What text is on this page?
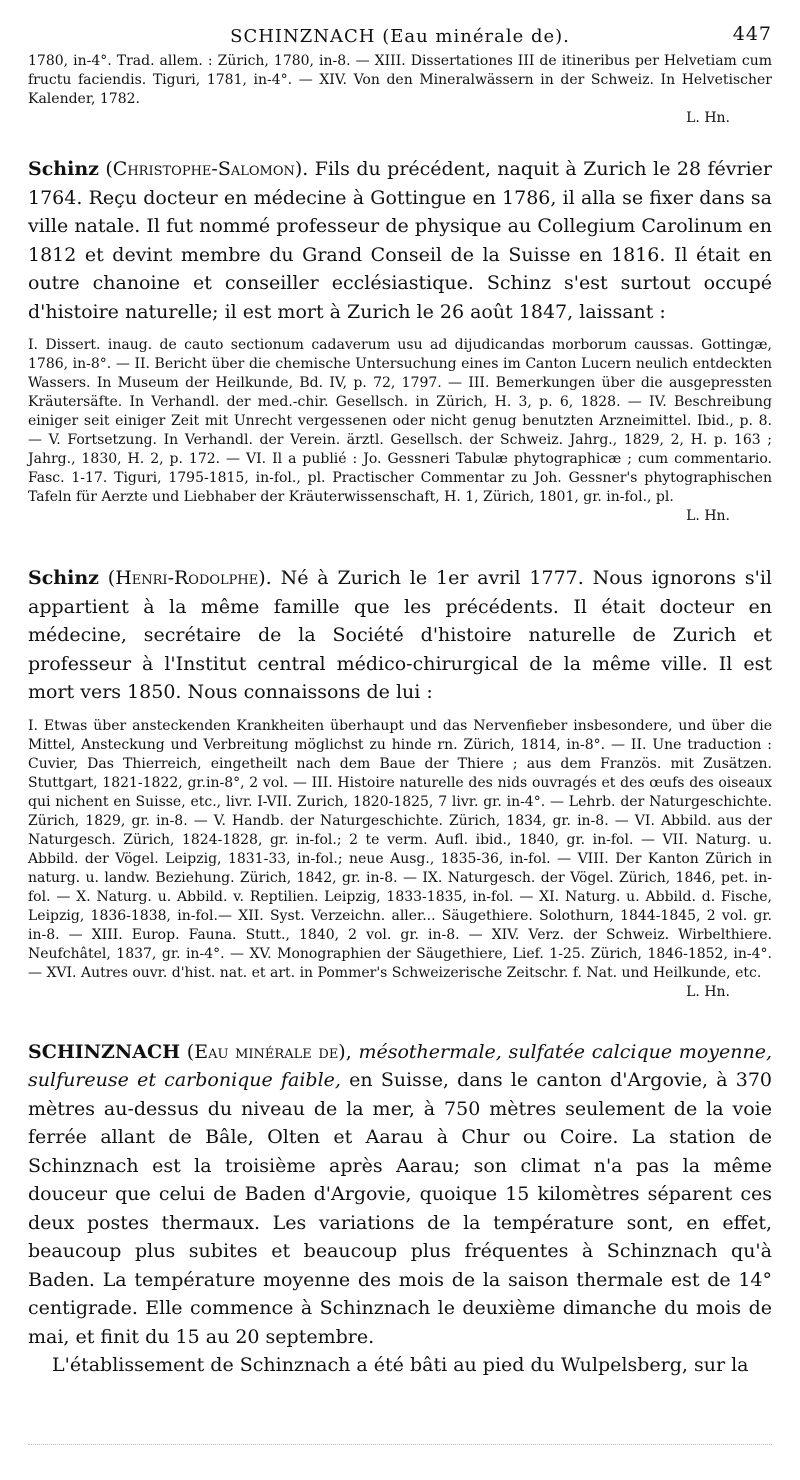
SCHINZNACH (Eau minérale de).	447
1780, in-4°. Trad. allem. : Zürich, 1780, in-8. — XIII. Dissertationes III de itineribus per Helvetiam cum fructu faciendis. Tiguri, 1781, in-4°. — XIV. Von den Mineralwässern in der Schweiz. In Helvetischer Kalender, 1782.
L. Hn.
Schinz (Christophe-Salomon). Fils du précédent, naquit à Zurich le 28 février 1764. Reçu docteur en médecine à Gottingue en 1786, il alla se fixer dans sa ville natale. Il fut nommé professeur de physique au Collegium Carolinum en 1812 et devint membre du Grand Conseil de la Suisse en 1816. Il était en outre chanoine et conseiller ecclésiastique. Schinz s'est surtout occupé d'histoire naturelle; il est mort à Zurich le 26 août 1847, laissant :
I. Dissert. inaug. de cauto sectionum cadaverum usu ad dijudicandas morborum caussas. Gottingæ, 1786, in-8°. — II. Bericht über die chemische Untersuchung eines im Canton Lucern neulich entdeckten Wassers. In Museum der Heilkunde, Bd. IV, p. 72, 1797. — III. Bemerkungen über die ausgepressten Kräutersäfte. In Verhandl. der med.-chir. Gesellsch. in Zürich, H. 3, p. 6, 1828. — IV. Beschreibung einiger seit einiger Zeit mit Unrecht vergessenen oder nicht genug benutzten Arzneimittel. Ibid., p. 8. — V. Fortsetzung. In Verhandl. der Verein. ärztl. Gesellsch. der Schweiz. Jahrg., 1829, 2, H. p. 163 ; Jahrg., 1830, H. 2, p. 172. — VI. Il a publié : Jo. Gessneri Tabulæ phytographicæ ; cum commentario. Fasc. 1-17. Tiguri, 1795-1815, in-fol., pl. Practischer Commentar zu Joh. Gessner's phytographischen Tafeln für Aerzte und Liebhaber der Kräuterwissenschaft, H. 1, Zürich, 1801, gr. in-fol., pl.
L. Hn.
Schinz (Henri-Rodolphe). Né à Zurich le 1er avril 1777. Nous ignorons s'il appartient à la même famille que les précédents. Il était docteur en médecine, secrétaire de la Société d'histoire naturelle de Zurich et professeur à l'Institut central médico-chirurgical de la même ville. Il est mort vers 1850. Nous connaissons de lui :
I. Etwas über ansteckenden Krankheiten überhaupt und das Nervenfieber insbesondere, und über die Mittel, Ansteckung und Verbreitung möglichst zu hinde rn. Zürich, 1814, in-8°. — II. Une traduction : Cuvier, Das Thierreich, eingetheilt nach dem Baue der Thiere ; aus dem Französ. mit Zusätzen. Stuttgart, 1821-1822, gr.in-8°, 2 vol. — III. Histoire naturelle des nids ouvragés et des œufs des oiseaux qui nichent en Suisse, etc., livr. I-VII. Zurich, 1820-1825, 7 livr. gr. in-4°. — Lehrb. der Naturgeschichte. Zürich, 1829, gr. in-8. — V. Handb. der Naturgeschichte. Zürich, 1834, gr. in-8. — VI. Abbild. aus der Naturgesch. Zürich, 1824-1828, gr. in-fol.; 2 te verm. Aufl. ibid., 1840, gr. in-fol. — VII. Naturg. u. Abbild. der Vögel. Leipzig, 1831-33, in-fol.; neue Ausg., 1835-36, in-fol. — VIII. Der Kanton Zürich in naturg. u. landw. Beziehung. Zürich, 1842, gr. in-8. — IX. Naturgesch. der Vögel. Zürich, 1846, pet. in-fol. — X. Naturg. u. Abbild. v. Reptilien. Leipzig, 1833-1835, in-fol. — XI. Naturg. u. Abbild. d. Fische, Leipzig, 1836-1838, in-fol.— XII. Syst. Verzeichn. aller... Säugethiere. Solothurn, 1844-1845, 2 vol. gr. in-8. — XIII. Europ. Fauna. Stutt., 1840, 2 vol. gr. in-8. — XIV. Verz. der Schweiz. Wirbelthiere. Neufchâtel, 1837, gr. in-4°. — XV. Monographien der Säugethiere, Lief. 1-25. Zürich, 1846-1852, in-4°. — XVI. Autres ouvr. d'hist. nat. et art. in Pommer's Schweizerische Zeitschr. f. Nat. und Heilkunde, etc.
L. Hn.
SCHINZNACH (Eau minérale de), mésothermale, sulfatée calcique moyenne, sulfureuse et carbonique faible, en Suisse, dans le canton d'Argovie, à 370 mètres au-dessus du niveau de la mer, à 750 mètres seulement de la voie ferrée allant de Bâle, Olten et Aarau à Chur ou Coire. La station de Schinznach est la troisième après Aarau; son climat n'a pas la même douceur que celui de Baden d'Argovie, quoique 15 kilomètres séparent ces deux postes thermaux. Les variations de la température sont, en effet, beaucoup plus subites et beaucoup plus fréquentes à Schinznach qu'à Baden. La température moyenne des mois de la saison thermale est de 14° centigrade. Elle commence à Schinznach le deuxième dimanche du mois de mai, et finit du 15 au 20 septembre.
L'établissement de Schinznach a été bâti au pied du Wulpelsberg, sur la
